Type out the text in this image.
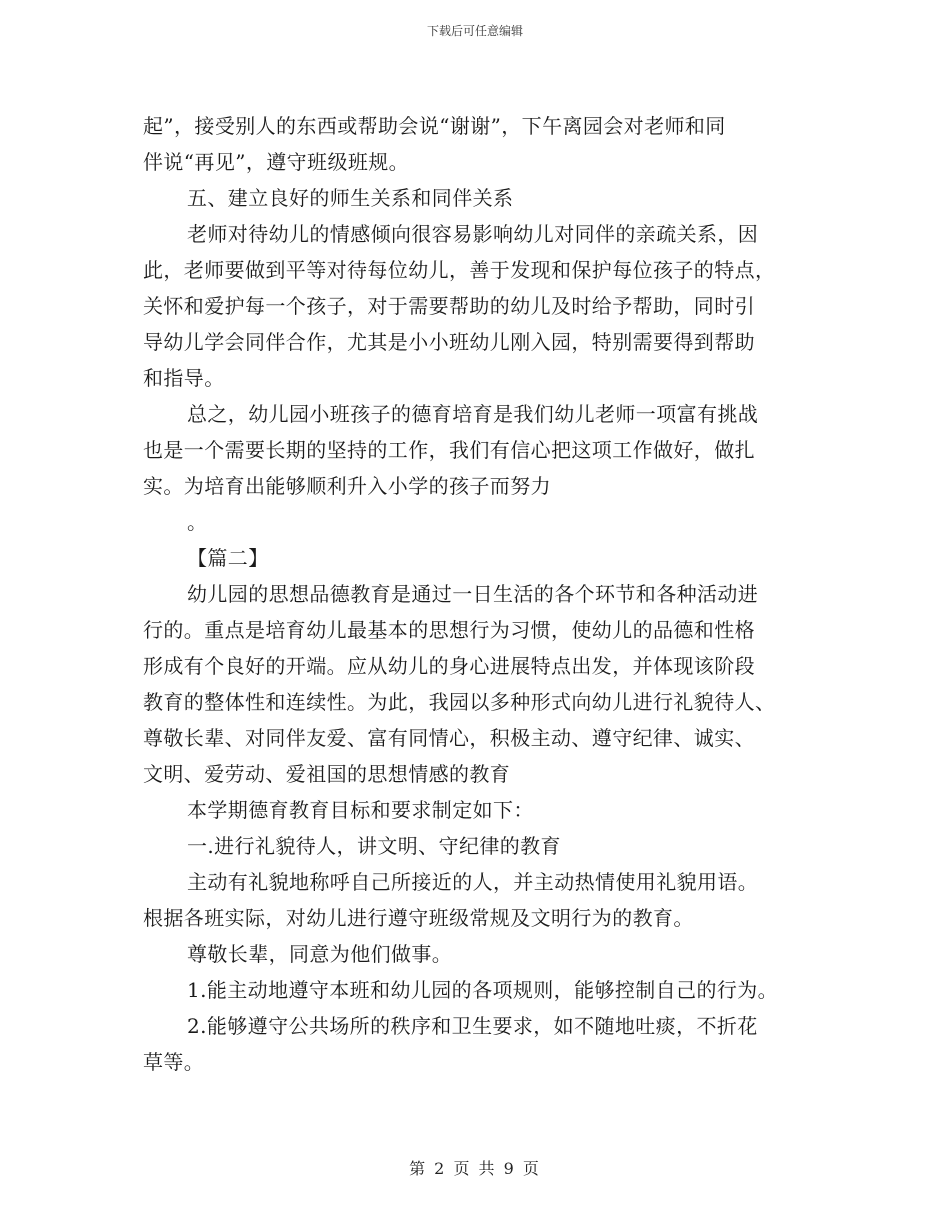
下载后可任意编辑
起”，接受别人的东西或帮助会说“谢谢”，下午离园会对老师和同
伴说“再见”，遵守班级班规。
五、建立良好的师生关系和同伴关系
老师对待幼儿的情感倾向很容易影响幼儿对同伴的亲疏关系，因
此，老师要做到平等对待每位幼儿，善于发现和保护每位孩子的特点，
关怀和爱护每一个孩子，对于需要帮助的幼儿及时给予帮助，同时引
导幼儿学会同伴合作，尤其是小小班幼儿刚入园，特别需要得到帮助
和指导。
总之，幼儿园小班孩子的德育培育是我们幼儿老师一项富有挑战
也是一个需要长期的坚持的工作，我们有信心把这项工作做好，做扎
实。为培育出能够顺利升入小学的孩子而努力
。
【篇二】
幼儿园的思想品德教育是通过一日生活的各个环节和各种活动进
行的。重点是培育幼儿最基本的思想行为习惯，使幼儿的品德和性格
形成有个良好的开端。应从幼儿的身心进展特点出发，并体现该阶段
教育的整体性和连续性。为此，我园以多种形式向幼儿进行礼貌待人、
尊敬长辈、对同伴友爱、富有同情心，积极主动、遵守纪律、诚实、
文明、爱劳动、爱祖国的思想情感的教育
本学期德育教育目标和要求制定如下：
一.进行礼貌待人，讲文明、守纪律的教育
主动有礼貌地称呼自己所接近的人，并主动热情使用礼貌用语。
根据各班实际，对幼儿进行遵守班级常规及文明行为的教育。
尊敬长辈，同意为他们做事。
1.能主动地遵守本班和幼儿园的各项规则，能够控制自己的行为。
2.能够遵守公共场所的秩序和卫生要求，如不随地吐痰，不折花
草等。
第 2 页 共 9 页
